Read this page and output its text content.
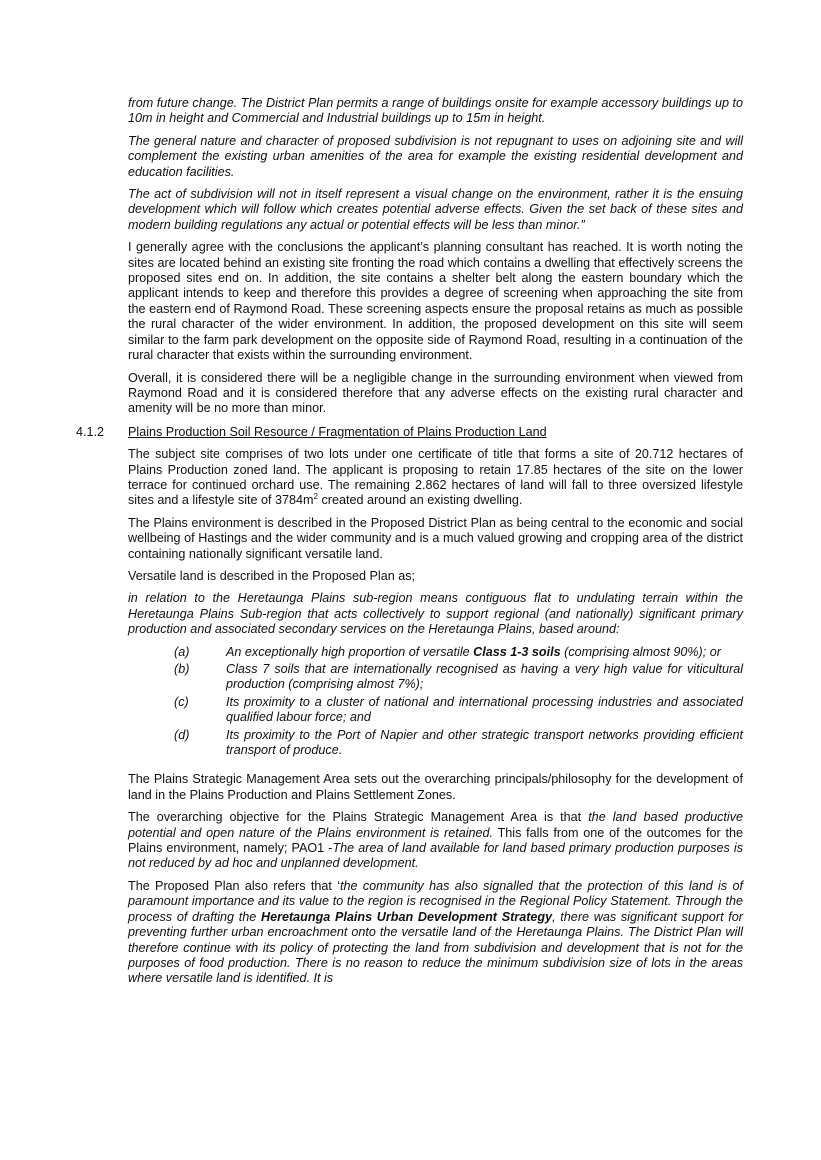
from future change. The District Plan permits a range of buildings onsite for example accessory buildings up to 10m in height and Commercial and Industrial buildings up to 15m in height.

The general nature and character of proposed subdivision is not repugnant to uses on adjoining site and will complement the existing urban amenities of the area for example the existing residential development and education facilities.

The act of subdivision will not in itself represent a visual change on the environment, rather it is the ensuing development which will follow which creates potential adverse effects. Given the set back of these sites and modern building regulations any actual or potential effects will be less than minor.”

I generally agree with the conclusions the applicant’s planning consultant has reached. It is worth noting the sites are located behind an existing site fronting the road which contains a dwelling that effectively screens the proposed sites end on. In addition, the site contains a shelter belt along the eastern boundary which the applicant intends to keep and therefore this provides a degree of screening when approaching the site from the eastern end of Raymond Road. These screening aspects ensure the proposal retains as much as possible the rural character of the wider environment. In addition, the proposed development on this site will seem similar to the farm park development on the opposite side of Raymond Road, resulting in a continuation of the rural character that exists within the surrounding environment.

Overall, it is considered there will be a negligible change in the surrounding environment when viewed from Raymond Road and it is considered therefore that any adverse effects on the existing rural character and amenity will be no more than minor.

4.1.2 Plains Production Soil Resource / Fragmentation of Plains Production Land

The subject site comprises of two lots under one certificate of title that forms a site of 20.712 hectares of Plains Production zoned land. The applicant is proposing to retain 17.85 hectares of the site on the lower terrace for continued orchard use. The remaining 2.862 hectares of land will fall to three oversized lifestyle sites and a lifestyle site of $3784m^2$ created around an existing dwelling.

The Plains environment is described in the Proposed District Plan as being central to the economic and social wellbeing of Hastings and the wider community and is a much valued growing and cropping area of the district containing nationally significant versatile land.

Versatile land is described in the Proposed Plan as;

in relation to the Heretaunga Plains sub-region means contiguous flat to undulating terrain within the Heretaunga Plains Sub-region that acts collectively to support regional (and nationally) significant primary production and associated secondary services on the Heretaunga Plains, based around:

(a)	An exceptionally high proportion of versatile Class 1-3 soils (comprising almost 90%); or
(b)	Class 7 soils that are internationally recognised as having a very high value for viticultural production (comprising almost 7%);
(c)	Its proximity to a cluster of national and international processing industries and associated qualified labour force; and
(d)	Its proximity to the Port of Napier and other strategic transport networks providing efficient transport of produce.

The Plains Strategic Management Area sets out the overarching principals/philosophy for the development of land in the Plains Production and Plains Settlement Zones.

The overarching objective for the Plains Strategic Management Area is that the land based productive potential and open nature of the Plains environment is retained. This falls from one of the outcomes for the Plains environment, namely; PAO1 -The area of land available for land based primary production purposes is not reduced by ad hoc and unplanned development.

The Proposed Plan also refers that ‘the community has also signalled that the protection of this land is of paramount importance and its value to the region is recognised in the Regional Policy Statement. Through the process of drafting the Heretaunga Plains Urban Development Strategy, there was significant support for preventing further urban encroachment onto the versatile land of the Heretaunga Plains. The District Plan will therefore continue with its policy of protecting the land from subdivision and development that is not for the purposes of food production. There is no reason to reduce the minimum subdivision size of lots in the areas where versatile land is identified. It is
